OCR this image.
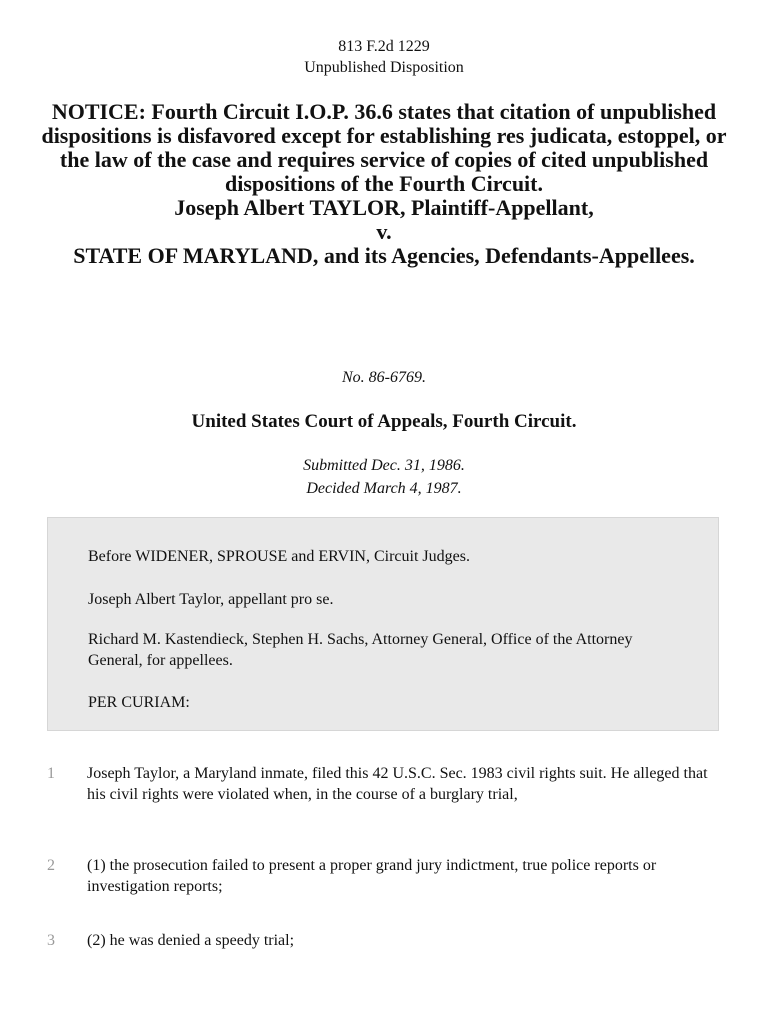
813 F.2d 1229
Unpublished Disposition
NOTICE: Fourth Circuit I.O.P. 36.6 states that citation of unpublished dispositions is disfavored except for establishing res judicata, estoppel, or the law of the case and requires service of copies of cited unpublished dispositions of the Fourth Circuit.
Joseph Albert TAYLOR, Plaintiff-Appellant,
v.
STATE OF MARYLAND, and its Agencies, Defendants-Appellees.
No. 86-6769.
United States Court of Appeals, Fourth Circuit.
Submitted Dec. 31, 1986.
Decided March 4, 1987.

Before WIDENER, SPROUSE and ERVIN, Circuit Judges.

Joseph Albert Taylor, appellant pro se.

Richard M. Kastendieck, Stephen H. Sachs, Attorney General, Office of the Attorney General, for appellees.

PER CURIAM:

1 Joseph Taylor, a Maryland inmate, filed this 42 U.S.C. Sec. 1983 civil rights suit. He alleged that his civil rights were violated when, in the course of a burglary trial,
2 (1) the prosecution failed to present a proper grand jury indictment, true police reports or investigation reports;
3 (2) he was denied a speedy trial;
